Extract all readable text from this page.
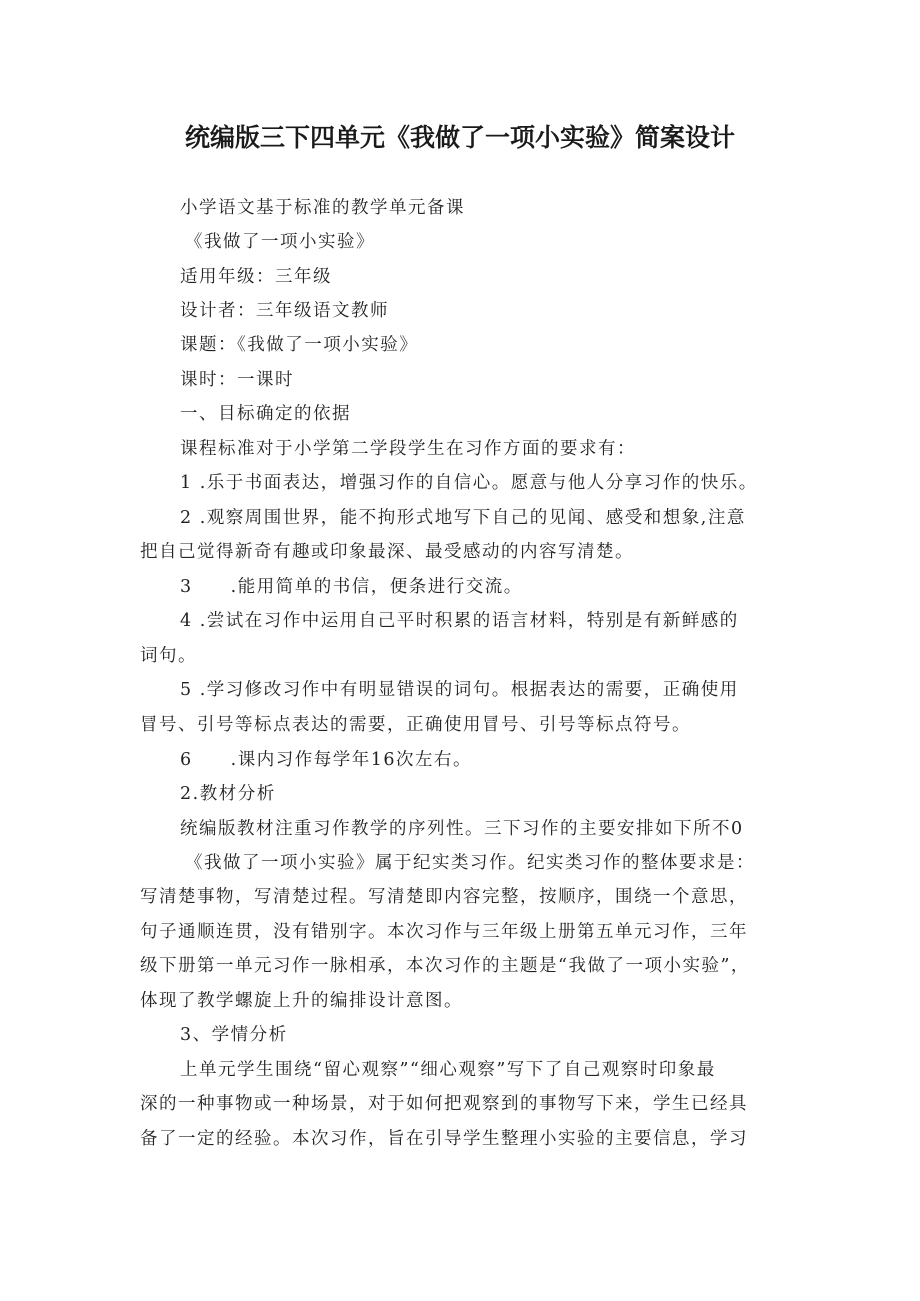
统编版三下四单元《我做了一项小实验》简案设计
小学语文基于标准的教学单元备课
《我做了一项小实验》
适用年级：三年级
设计者：三年级语文教师
课题：《我做了一项小实验》
课时：一课时
一、目标确定的依据
课程标准对于小学第二学段学生在习作方面的要求有：
1 .乐于书面表达，增强习作的自信心。愿意与他人分享习作的快乐。
2 .观察周围世界，能不拘形式地写下自己的见闻、感受和想象,注意
把自己觉得新奇有趣或印象最深、最受感动的内容写清楚。
3 .能用简单的书信，便条进行交流。
4 .尝试在习作中运用自己平时积累的语言材料，特别是有新鲜感的
词句。
5 .学习修改习作中有明显错误的词句。根据表达的需要，正确使用
冒号、引号等标点表达的需要，正确使用冒号、引号等标点符号。
6 .课内习作每学年16次左右。
2.教材分析
统编版教材注重习作教学的序列性。三下习作的主要安排如下所不0
《我做了一项小实验》属于纪实类习作。纪实类习作的整体要求是：
写清楚事物，写清楚过程。写清楚即内容完整，按顺序，围绕一个意思，
句子通顺连贯，没有错别字。本次习作与三年级上册第五单元习作，三年
级下册第一单元习作一脉相承，本次习作的主题是“我做了一项小实验”，
体现了教学螺旋上升的编排设计意图。
3、学情分析
上单元学生围绕“留心观察”“细心观察”写下了自己观察时印象最
深的一种事物或一种场景，对于如何把观察到的事物写下来，学生已经具
备了一定的经验。本次习作，旨在引导学生整理小实验的主要信息，学习
